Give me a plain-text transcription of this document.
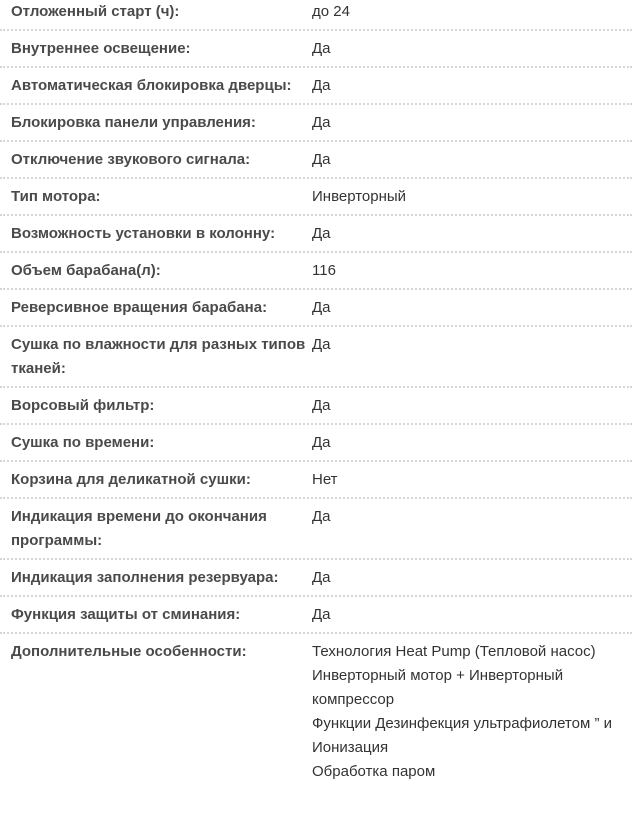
Отложенный старт (ч):	до 24
Внутреннее освещение:	Да
Автоматическая блокировка дверцы:	Да
Блокировка панели управления:	Да
Отключение звукового сигнала:	Да
Тип мотора:	Инверторный
Возможность установки в колонну:	Да
Объем барабана(л):	116
Реверсивное вращения барабана:	Да
Сушка по влажности для разных типов тканей:
Да
Ворсовый фильтр:	Да
Сушка по времени:	Да
Корзина для деликатной сушки:	Нет
Индикация времени до окончания программы:
Да
Индикация заполнения резервуара:	Да
Функция защиты от сминания:	Да
Дополнительные особенности:	Технология Heat Pump (Тепловой насос)
Инверторный мотор + Инверторный компрессор
Функции Дезинфекция ультрафиолетом ” и Ионизация
Обработка паром
